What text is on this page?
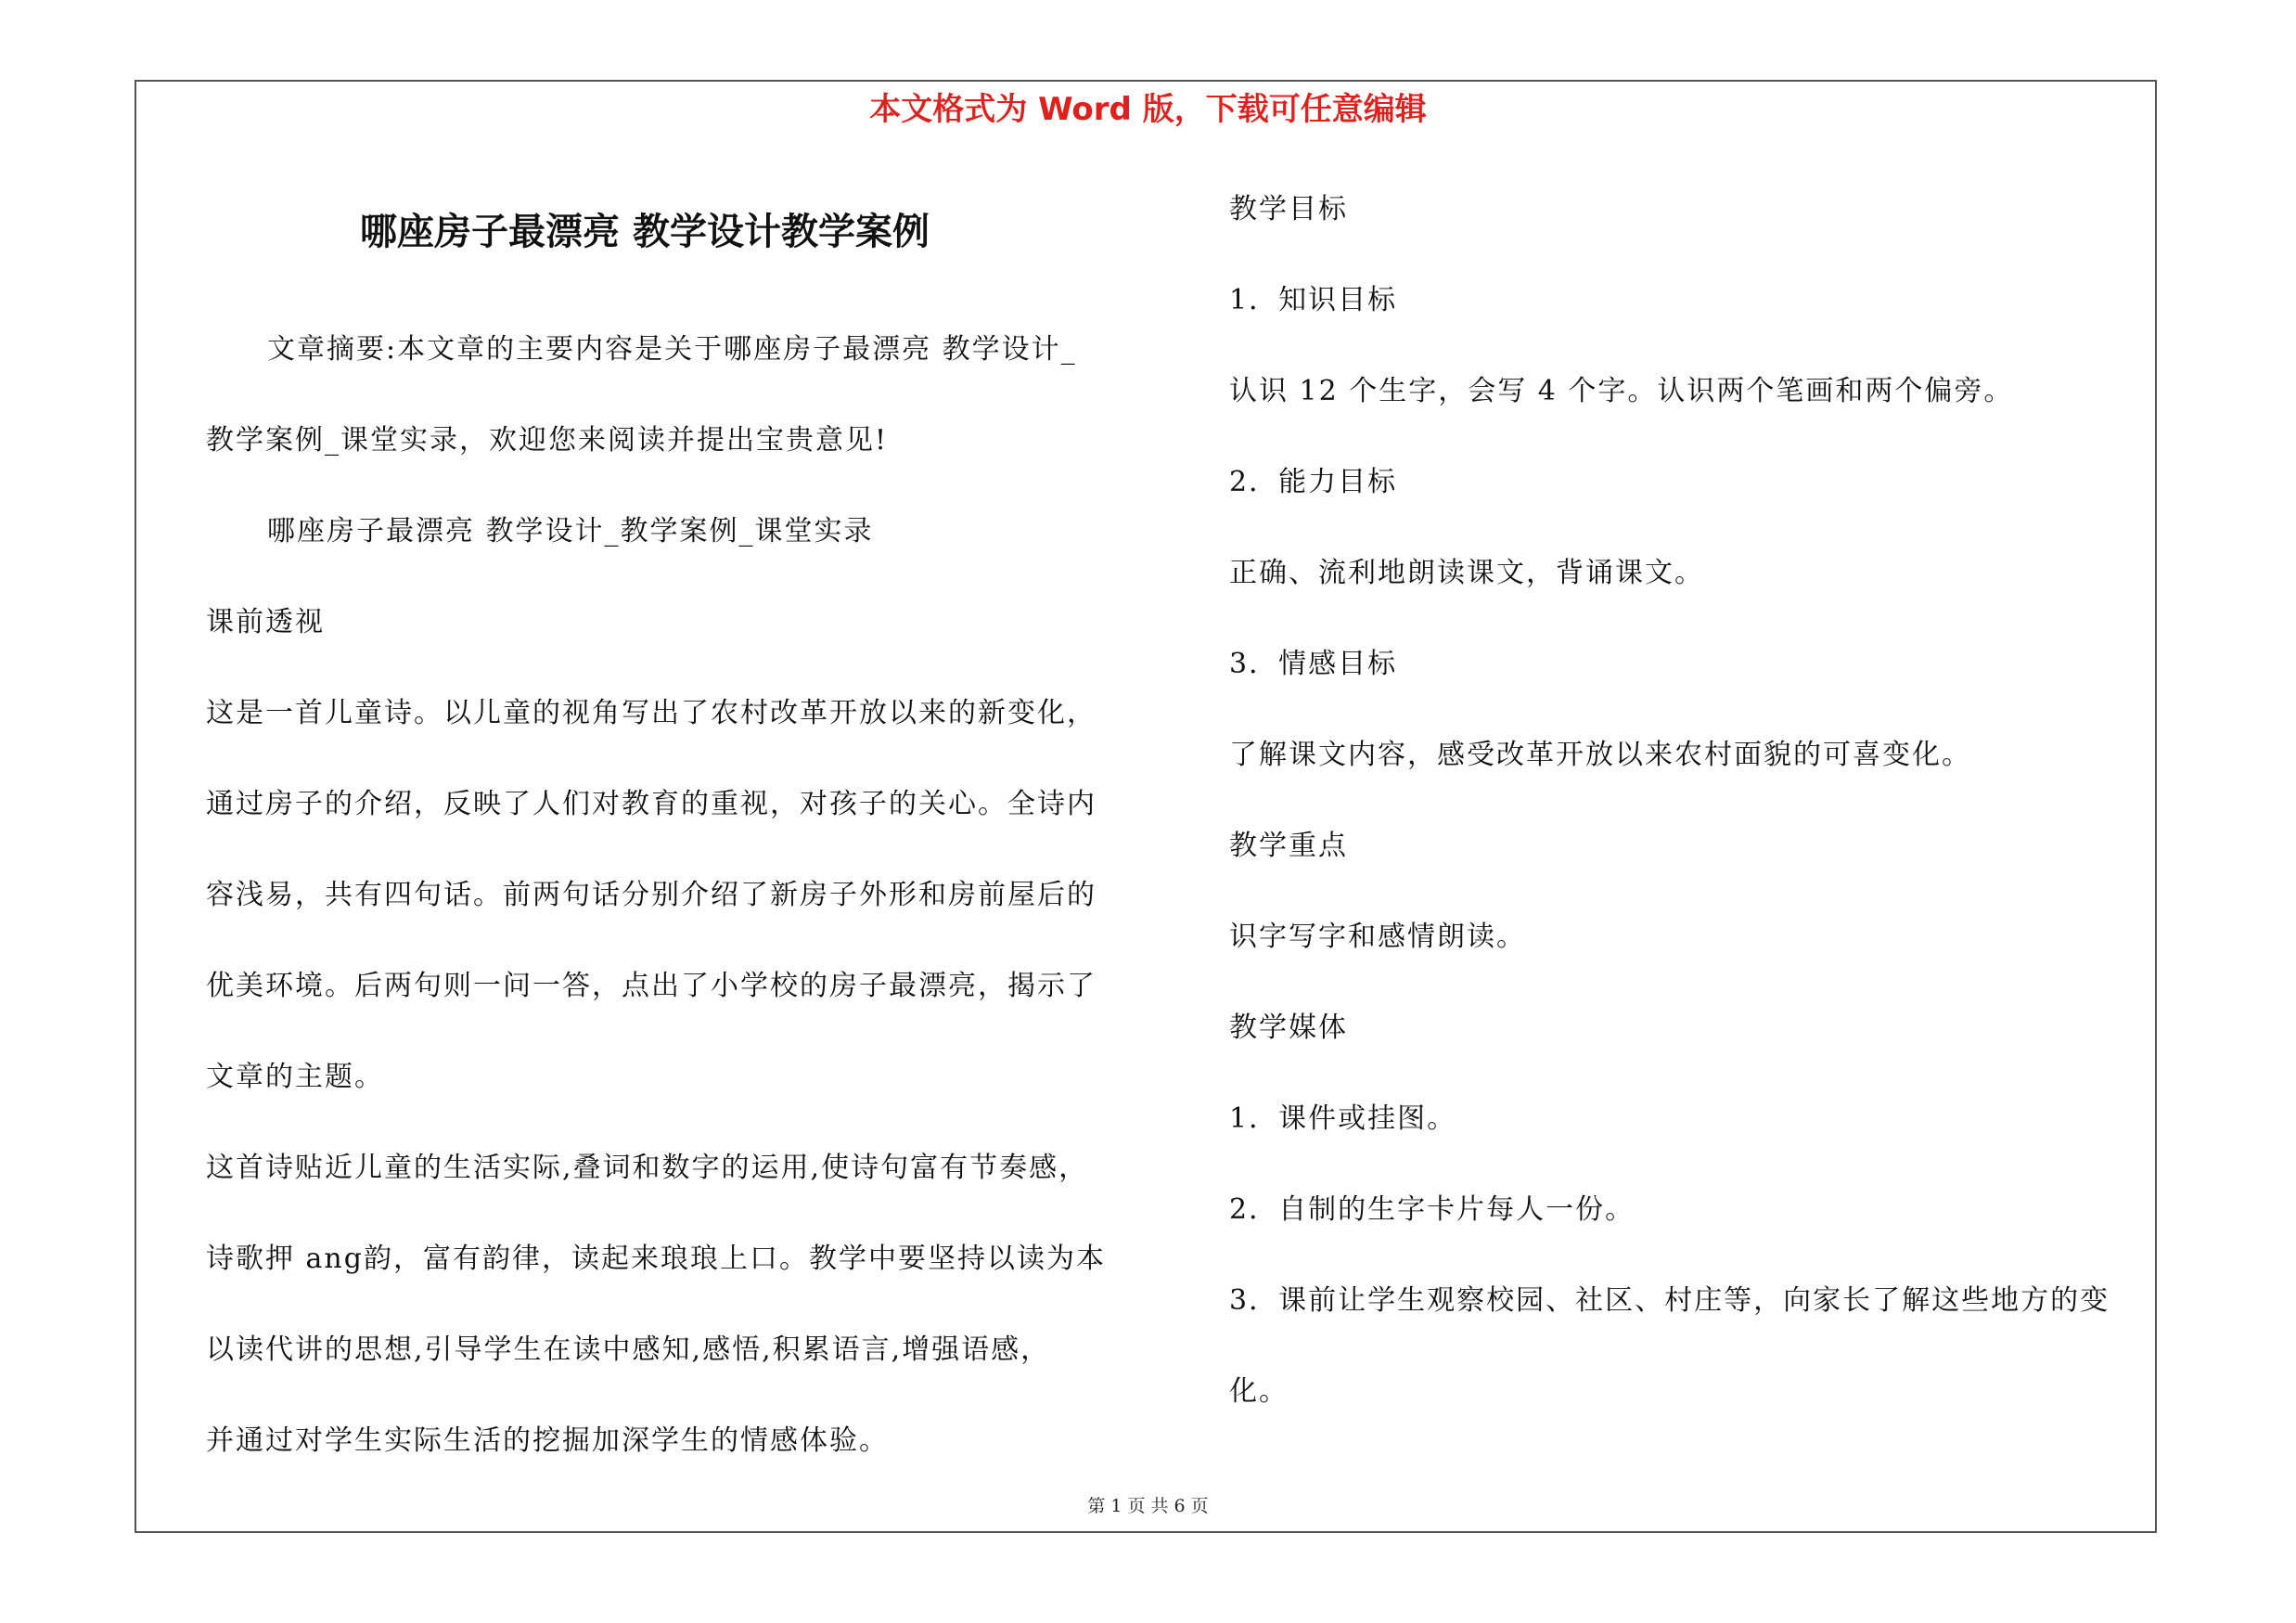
本文格式为 Word 版，下载可任意编辑
哪座房子最漂亮 教学设计教学案例

文章摘要:本文章的主要内容是关于哪座房子最漂亮 教学设计_

教学案例_课堂实录，欢迎您来阅读并提出宝贵意见!

哪座房子最漂亮 教学设计_教学案例_课堂实录

课前透视

这是一首儿童诗。以儿童的视角写出了农村改革开放以来的新变化，

通过房子的介绍，反映了人们对教育的重视，对孩子的关心。全诗内

容浅易，共有四句话。前两句话分别介绍了新房子外形和房前屋后的

优美环境。后两句则一问一答，点出了小学校的房子最漂亮，揭示了

文章的主题。

这首诗贴近儿童的生活实际,叠词和数字的运用,使诗句富有节奏感，

诗歌押 ang韵，富有韵律，读起来琅琅上口。教学中要坚持以读为本

以读代讲的思想,引导学生在读中感知,感悟,积累语言,增强语感，

并通过对学生实际生活的挖掘加深学生的情感体验。

教学目标

1．知识目标

认识 12 个生字，会写 4 个字。认识两个笔画和两个偏旁。

2．能力目标

正确、流利地朗读课文，背诵课文。

3．情感目标

了解课文内容，感受改革开放以来农村面貌的可喜变化。

教学重点

识字写字和感情朗读。

教学媒体

1．课件或挂图。

2．自制的生字卡片每人一份。

3．课前让学生观察校园、社区、村庄等，向家长了解这些地方的变

化。

第 1 页 共 6 页
